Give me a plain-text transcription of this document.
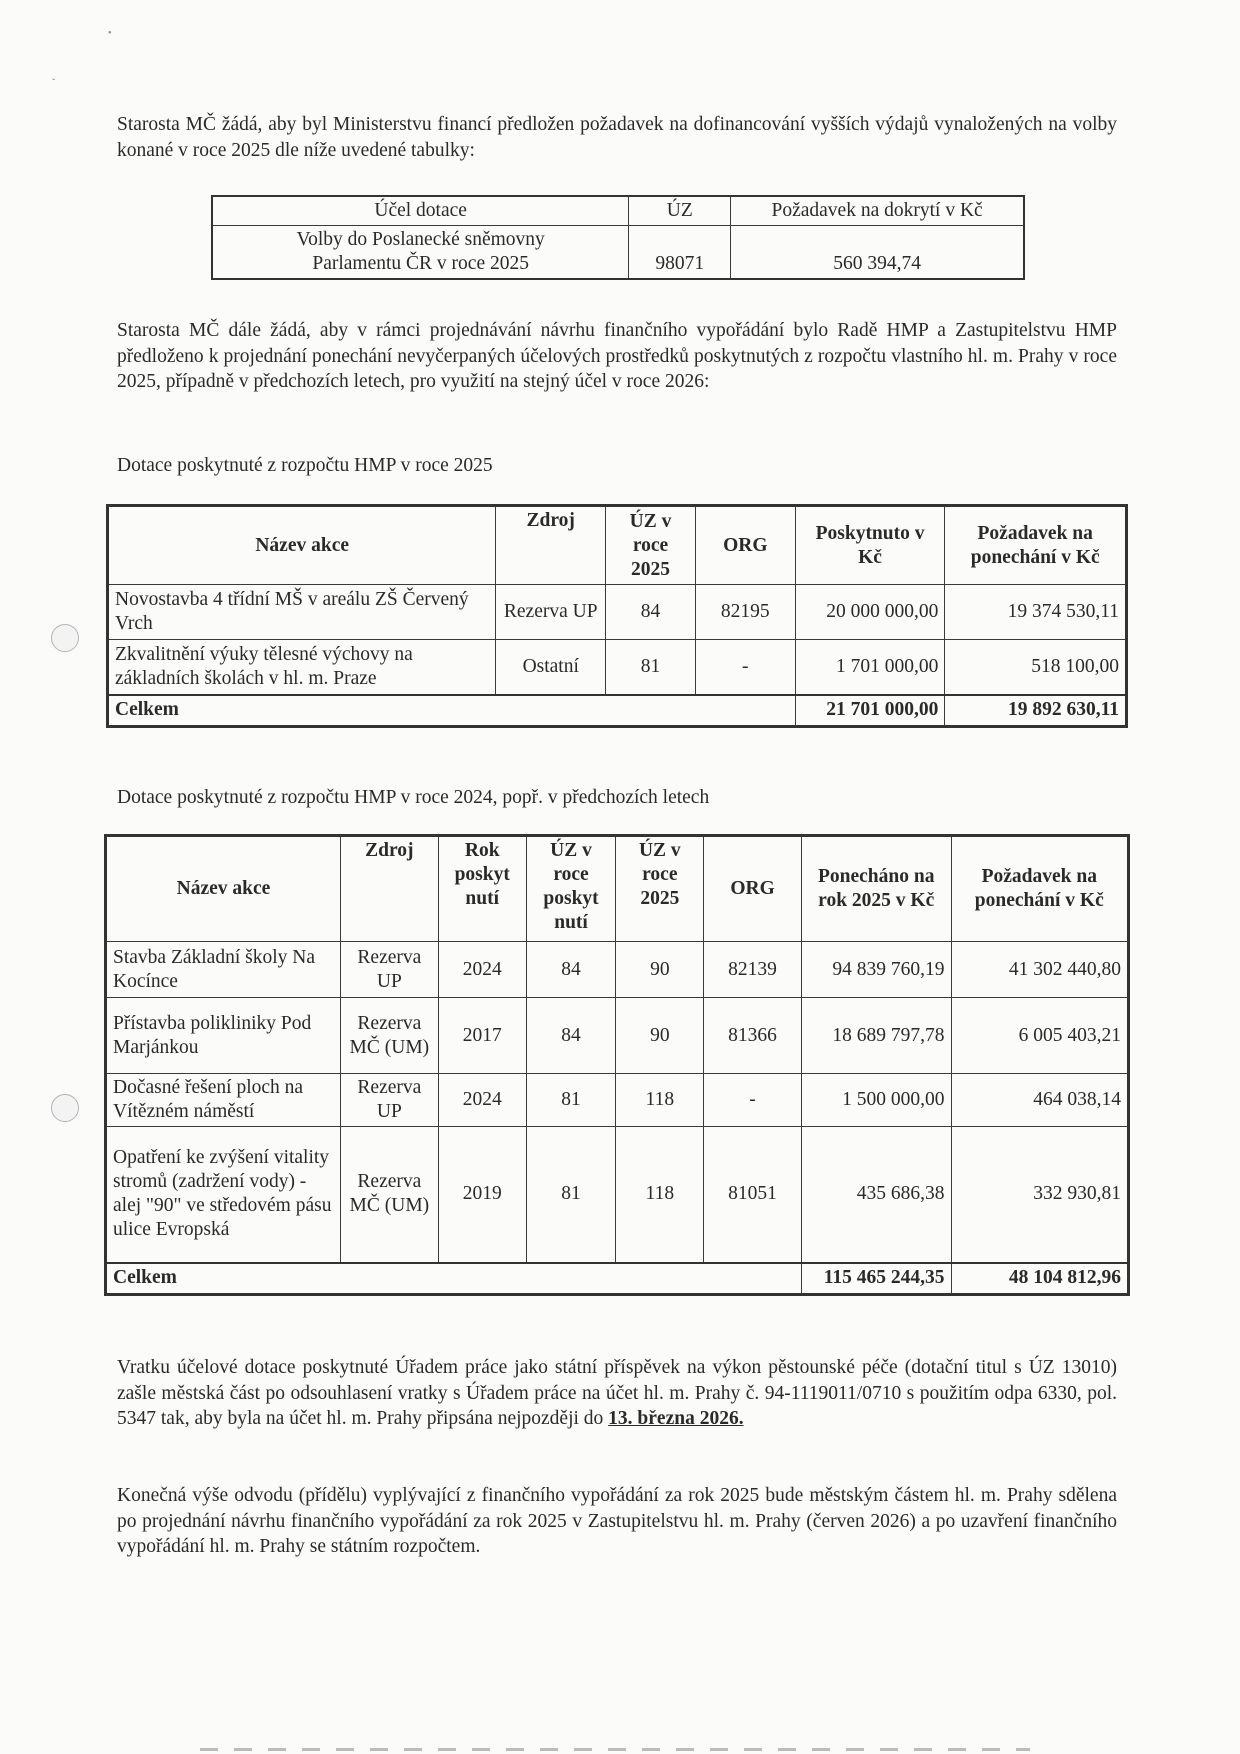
•
ˇ
Starosta MČ žádá, aby byl Ministerstvu financí předložen požadavek na dofinancování vyšších výdajů vynaložených na volby konané v roce 2025 dle níže uvedené tabulky:
Účel dotace	ÚZ	Požadavek na dokrytí v Kč

Volby do Poslanecké sněmovny
Parlamentu ČR v roce 2025	98071	560 394,74
Starosta MČ dále žádá, aby v rámci projednávání návrhu finančního vypořádání bylo Radě HMP a Zastupitelstvu HMP předloženo k projednání ponechání nevyčerpaných účelových prostředků poskytnutých z rozpočtu vlastního hl. m. Prahy v roce 2025, případně v předchozích letech, pro využití na stejný účel v roce 2026:
Dotace poskytnuté z rozpočtu HMP v roce 2025
Název akce	Zdroj	ÚZ v roce 2025	ORG	Poskytnuto v Kč	Požadavek na ponechání v Kč
Novostavba 4 třídní MŠ v areálu ZŠ Červený Vrch	Rezerva UP	84	82195	20 000 000,00	19 374 530,11
Zkvalitnění výuky tělesné výchovy na základních školách v hl. m. Praze	Ostatní	81	-	1 701 000,00	518 100,00
Celkem				21 701 000,00	19 892 630,11
Dotace poskytnuté z rozpočtu HMP v roce 2024, popř. v předchozích letech
Název akce	Zdroj	Rok poskyt nutí	ÚZ v roce poskyt nutí	ÚZ v roce 2025	ORG	Ponecháno na rok 2025 v Kč	Požadavek na ponechání v Kč
Stavba Základní školy Na Kocínce	Rezerva UP	2024	84	90	82139	94 839 760,19	41 302 440,80
Přístavba polikliniky Pod Marjánkou	Rezerva MČ (UM)	2017	84	90	81366	18 689 797,78	6 005 403,21
Dočasné řešení ploch na Vítězném náměstí	Rezerva UP	2024	81	118	-	1 500 000,00	464 038,14
Opatření ke zvýšení vitality stromů (zadržení vody) - alej "90" ve středovém pásu ulice Evropská	Rezerva MČ (UM)	2019	81	118	81051	435 686,38	332 930,81
Celkem						115 465 244,35	48 104 812,96
Vratku účelové dotace poskytnuté Úřadem práce jako státní příspěvek na výkon pěstounské péče (dotační titul s ÚZ 13010) zašle městská část po odsouhlasení vratky s Úřadem práce na účet hl. m. Prahy č. 94-1119011/0710 s použitím odpa 6330, pol. 5347 tak, aby byla na účet hl. m. Prahy připsána nejpozději do 13. března 2026.
Konečná výše odvodu (přídělu) vyplývající z finančního vypořádání za rok 2025 bude městským částem hl. m. Prahy sdělena po projednání návrhu finančního vypořádání za rok 2025 v Zastupitelstvu hl. m. Prahy (červen 2026) a po uzavření finančního vypořádání hl. m. Prahy se státním rozpočtem.
